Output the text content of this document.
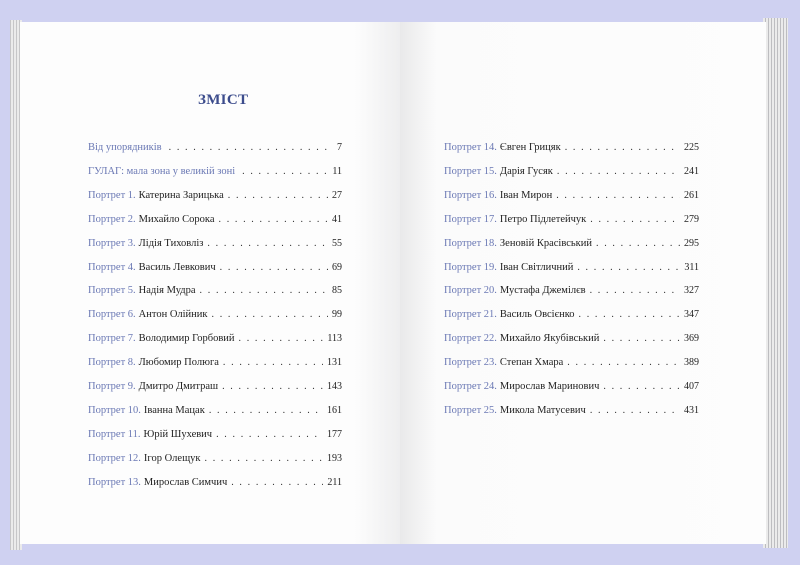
ЗМІСТ
Від упорядників . . .	7
ГУЛАГ: мала зона у великій зоні . . .	11
Портрет 1. Катерина Зарицька . . .	27
Портрет 2. Михайло Сорока . . .	41
Портрет 3. Лідія Тиховліз . . .	55
Портрет 4. Василь Левкович . . .	69
Портрет 5. Надія Мудра . . .	85
Портрет 6. Антон Олійник . . .	99
Портрет 7. Володимир Горбовий . . .	113
Портрет 8. Любомир Полюга . . .	131
Портрет 9. Дмитро Дмитраш . . .	143
Портрет 10. Іванна Мацак . . .	161
Портрет 11. Юрій Шухевич . . .	177
Портрет 12. Ігор Олещук . . .	193
Портрет 13. Мирослав Симчич . . .	211
Портрет 14. Євген Грицяк . . .	225
Портрет 15. Дарія Гусяк . . .	241
Портрет 16. Іван Мирон . . .	261
Портрет 17. Петро Підлетейчук . . .	279
Портрет 18. Зеновій Красівський . . .	295
Портрет 19. Іван Світличний . . .	311
Портрет 20. Мустафа Джемілєв . . .	327
Портрет 21. Василь Овсієнко . . .	347
Портрет 22. Михайло Якубівський . . .	369
Портрет 23. Степан Хмара . . .	389
Портрет 24. Мирослав Маринович . . .	407
Портрет 25. Микола Матусевич . . .	431
